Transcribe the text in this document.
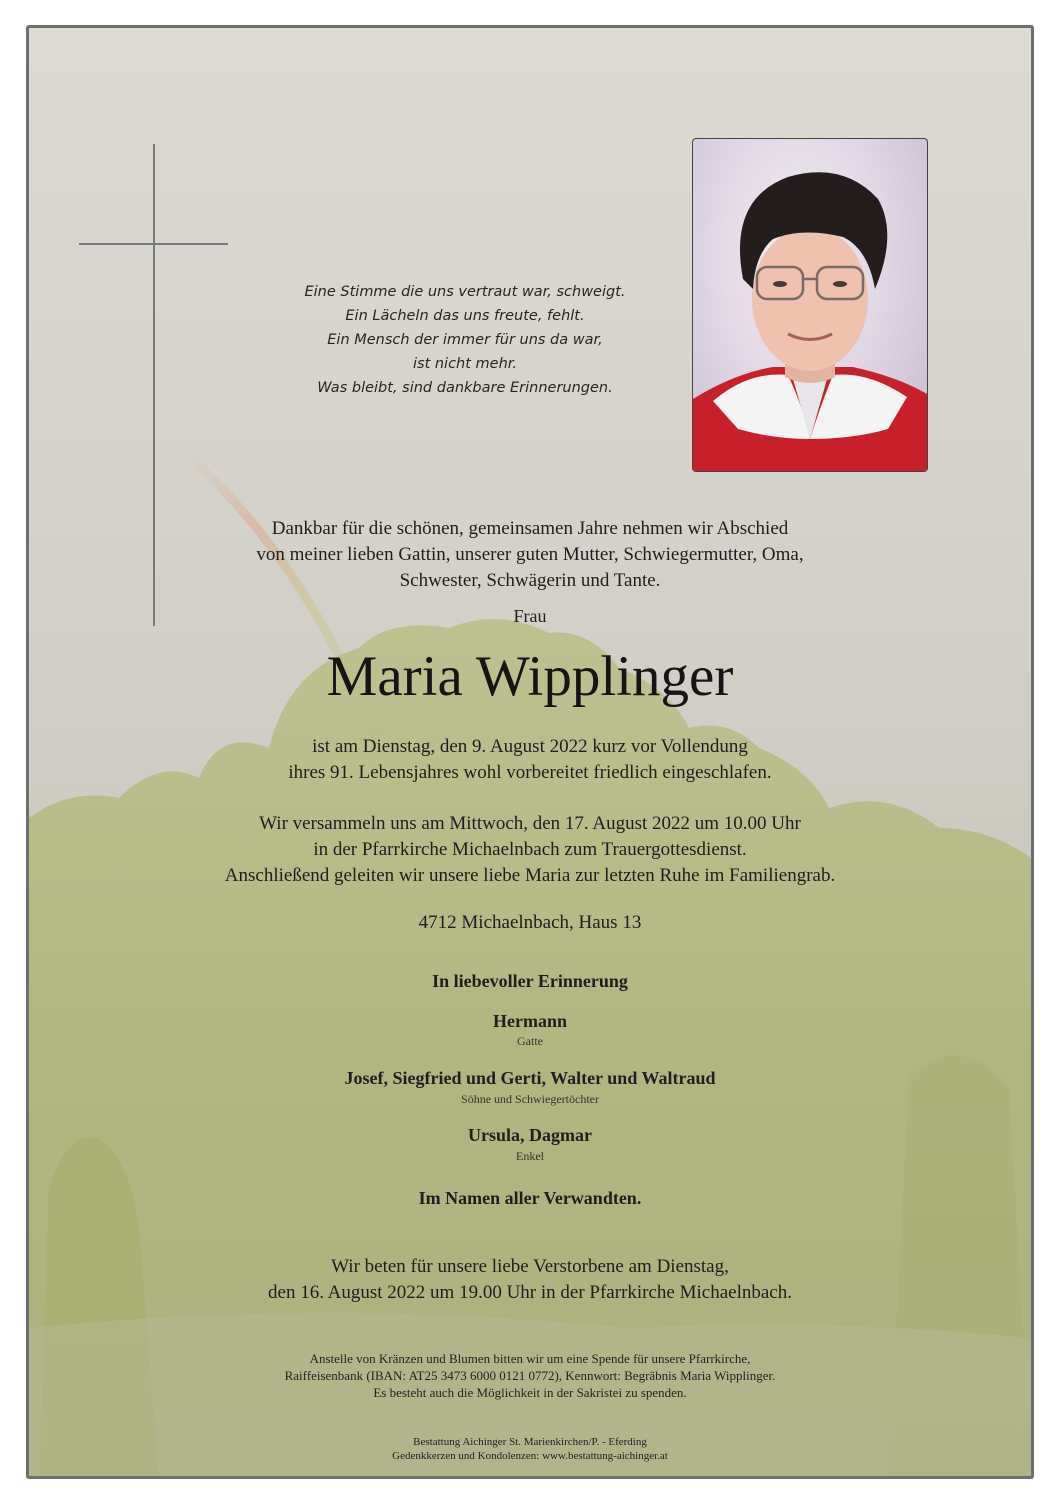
Eine Stimme die uns vertraut war, schweigt.
Ein Lächeln das uns freute, fehlt.
Ein Mensch der immer für uns da war,
ist nicht mehr.
Was bleibt, sind dankbare Erinnerungen.
Dankbar für die schönen, gemeinsamen Jahre nehmen wir Abschied
von meiner lieben Gattin, unserer guten Mutter, Schwiegermutter, Oma,
Schwester, Schwägerin und Tante.
Frau
Maria Wipplinger
ist am Dienstag, den 9. August 2022 kurz vor Vollendung
ihres 91. Lebensjahres wohl vorbereitet friedlich eingeschlafen.
Wir versammeln uns am Mittwoch, den 17. August 2022 um 10.00 Uhr
in der Pfarrkirche Michaelnbach zum Trauergottesdienst.
Anschließend geleiten wir unsere liebe Maria zur letzten Ruhe im Familiengrab.
4712 Michaelnbach, Haus 13
In liebevoller Erinnerung
Hermann
Gatte
Josef, Siegfried und Gerti, Walter und Waltraud
Söhne und Schwiegertöchter
Ursula, Dagmar
Enkel
Im Namen aller Verwandten.
Wir beten für unsere liebe Verstorbene am Dienstag,
den 16. August 2022 um 19.00 Uhr in der Pfarrkirche Michaelnbach.
Anstelle von Kränzen und Blumen bitten wir um eine Spende für unsere Pfarrkirche,
Raiffeisenbank (IBAN: AT25 3473 6000 0121 0772), Kennwort: Begräbnis Maria Wipplinger.
Es besteht auch die Möglichkeit in der Sakristei zu spenden.
Bestattung Aichinger St. Marienkirchen/P. - Eferding
Gedenkkerzen und Kondolenzen: www.bestattung-aichinger.at
